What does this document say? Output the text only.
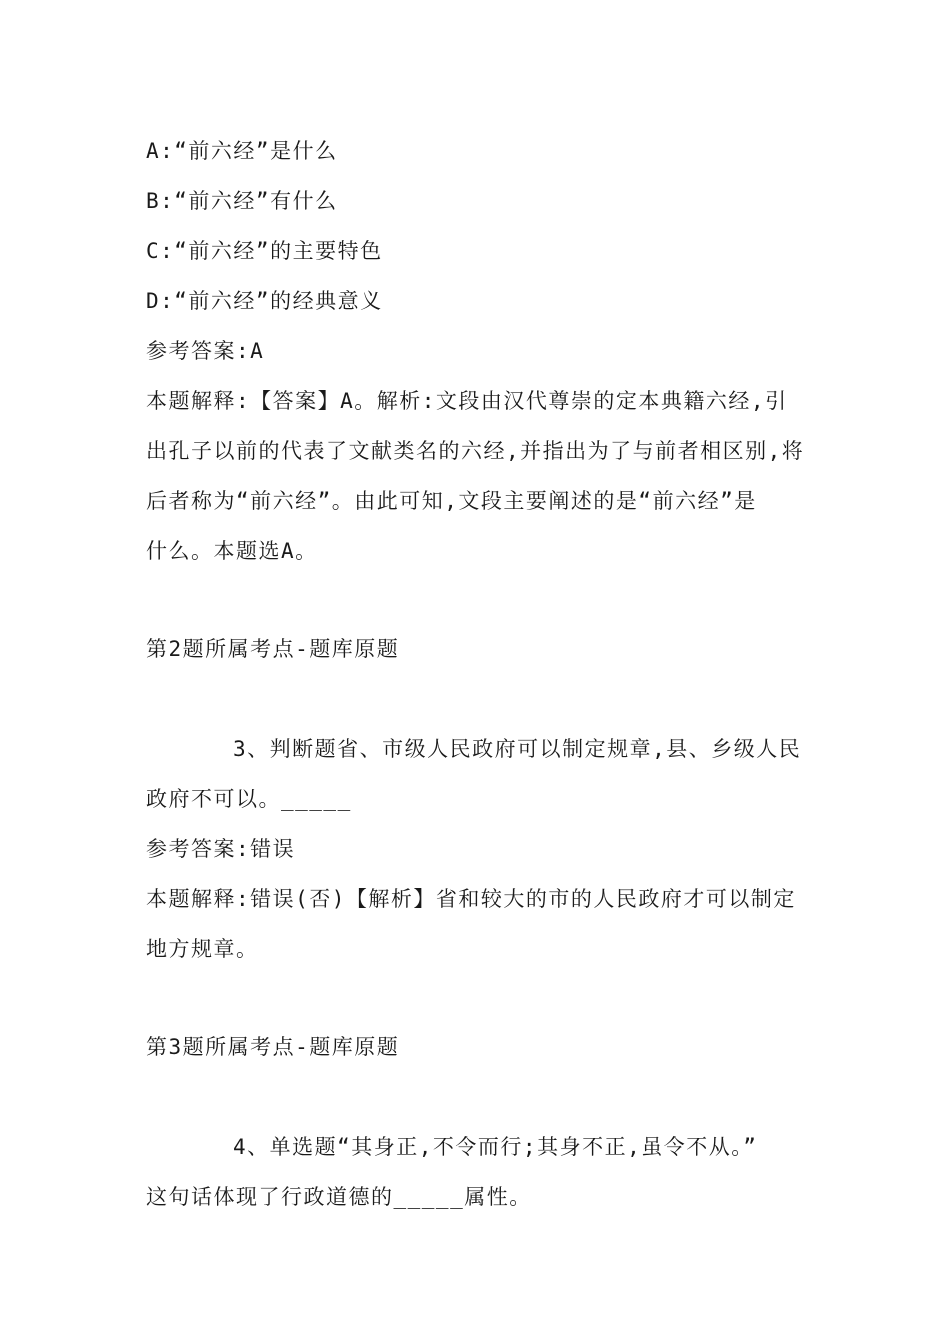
A:“前六经”是什么
B:“前六经”有什么
C:“前六经”的主要特色
D:“前六经”的经典意义
参考答案:A
本题解释:【答案】A。解析:文段由汉代尊崇的定本典籍六经,引
出孔子以前的代表了文献类名的六经,并指出为了与前者相区别,将
后者称为“前六经”。由此可知,文段主要阐述的是“前六经”是
什么。本题选A。
第2题所属考点-题库原题
3、判断题省、市级人民政府可以制定规章,县、乡级人民
政府不可以。_____
参考答案:错误
本题解释:错误(否)【解析】省和较大的市的人民政府才可以制定
地方规章。
第3题所属考点-题库原题
4、单选题“其身正,不令而行;其身不正,虽令不从。”
这句话体现了行政道德的_____属性。
